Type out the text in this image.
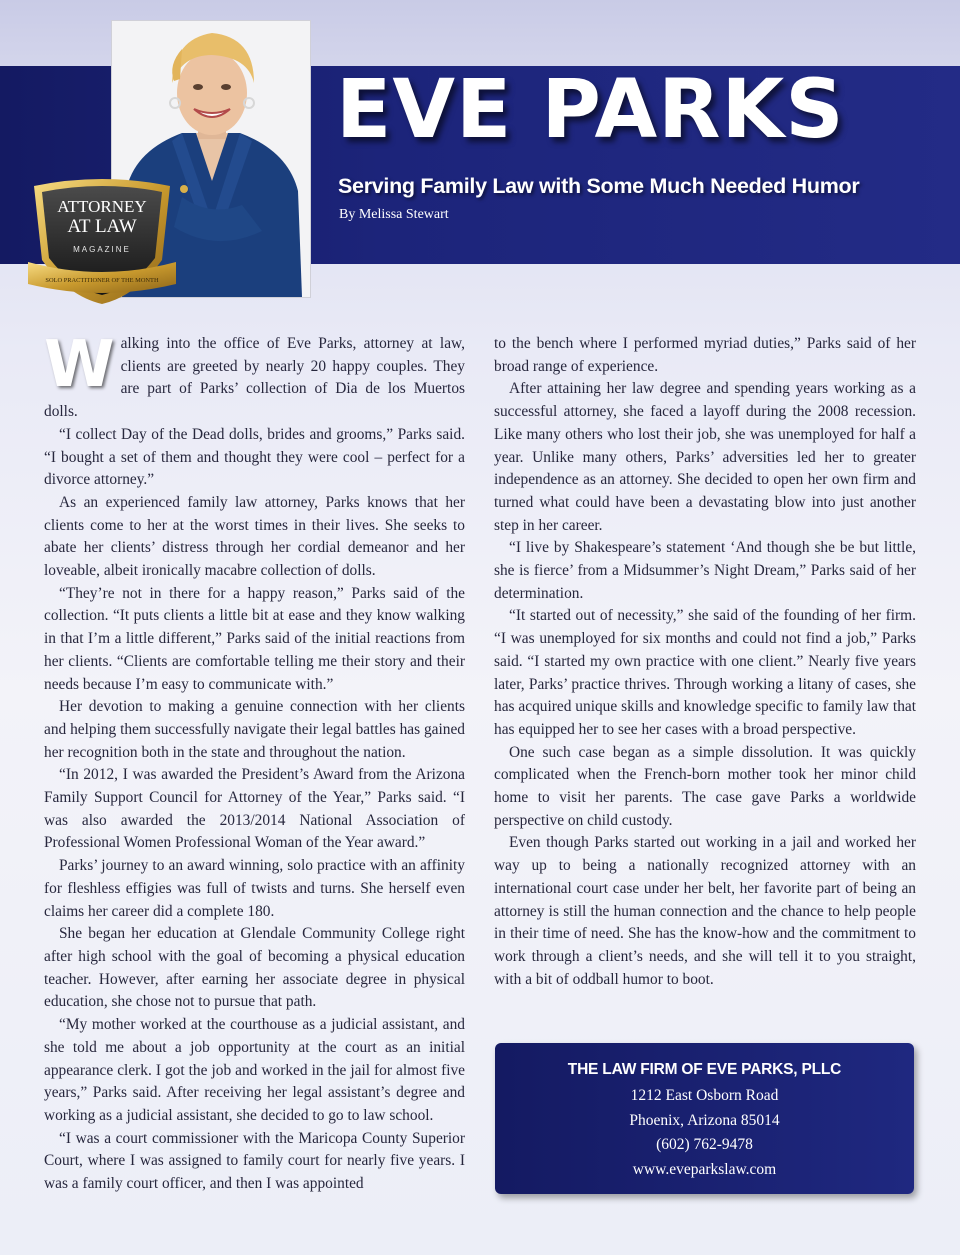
ATTORNEY
AT LAW
MAGAZINE
SOLO PRACTITIONER OF THE MONTH
EVE PARKS
Serving Family Law with Some Much Needed Humor

By Melissa Stewart

Walking into the office of Eve Parks, attorney at law, clients are greeted by nearly 20 happy couples. They are part of Parks’ collection of Dia de los Muertos dolls.

“I collect Day of the Dead dolls, brides and grooms,” Parks said. “I bought a set of them and thought they were cool – perfect for a divorce attorney.”

As an experienced family law attorney, Parks knows that her clients come to her at the worst times in their lives. She seeks to abate her clients’ distress through her cordial demeanor and her loveable, albeit ironically macabre collection of dolls.

“They’re not in there for a happy reason,” Parks said of the collection. “It puts clients a little bit at ease and they know walking in that I’m a little different,” Parks said of the initial reactions from her clients. “Clients are comfortable telling me their story and their needs because I’m easy to communicate with.”

Her devotion to making a genuine connection with her clients and helping them successfully navigate their legal battles has gained her recognition both in the state and throughout the nation.

“In 2012, I was awarded the President’s Award from the Arizona Family Support Council for Attorney of the Year,” Parks said. “I was also awarded the 2013/2014 National Association of Professional Women Professional Woman of the Year award.”

Parks’ journey to an award winning, solo practice with an affinity for fleshless effigies was full of twists and turns. She herself even claims her career did a complete 180.

She began her education at Glendale Community College right after high school with the goal of becoming a physical education teacher. However, after earning her associate degree in physical education, she chose not to pursue that path.

“My mother worked at the courthouse as a judicial assistant, and she told me about a job opportunity at the court as an initial appearance clerk. I got the job and worked in the jail for almost five years,” Parks said. After receiving her legal assistant’s degree and working as a judicial assistant, she decided to go to law school.

“I was a court commissioner with the Maricopa County Superior Court, where I was assigned to family court for nearly five years. I was a family court officer, and then I was appointed

to the bench where I performed myriad duties,” Parks said of her broad range of experience.

After attaining her law degree and spending years working as a successful attorney, she faced a layoff during the 2008 recession. Like many others who lost their job, she was unemployed for half a year. Unlike many others, Parks’ adversities led her to greater independence as an attorney. She decided to open her own firm and turned what could have been a devastating blow into just another step in her career.

“I live by Shakespeare’s statement ‘And though she be but little, she is fierce’ from a Midsummer’s Night Dream,” Parks said of her determination.

“It started out of necessity,” she said of the founding of her firm. “I was unemployed for six months and could not find a job,” Parks said. “I started my own practice with one client.” Nearly five years later, Parks’ practice thrives. Through working a litany of cases, she has acquired unique skills and knowledge specific to family law that has equipped her to see her cases with a broad perspective.

One such case began as a simple dissolution. It was quickly complicated when the French-born mother took her minor child home to visit her parents. The case gave Parks a worldwide perspective on child custody.

Even though Parks started out working in a jail and worked her way up to being a nationally recognized attorney with an international court case under her belt, her favorite part of being an attorney is still the human connection and the chance to help people in their time of need. She has the know-how and the commitment to work through a client’s needs, and she will tell it to you straight, with a bit of oddball humor to boot.

THE LAW FIRM OF EVE PARKS, PLLC

1212 East Osborn Road

Phoenix, Arizona 85014

(602) 762-9478

www.eveparkslaw.com
